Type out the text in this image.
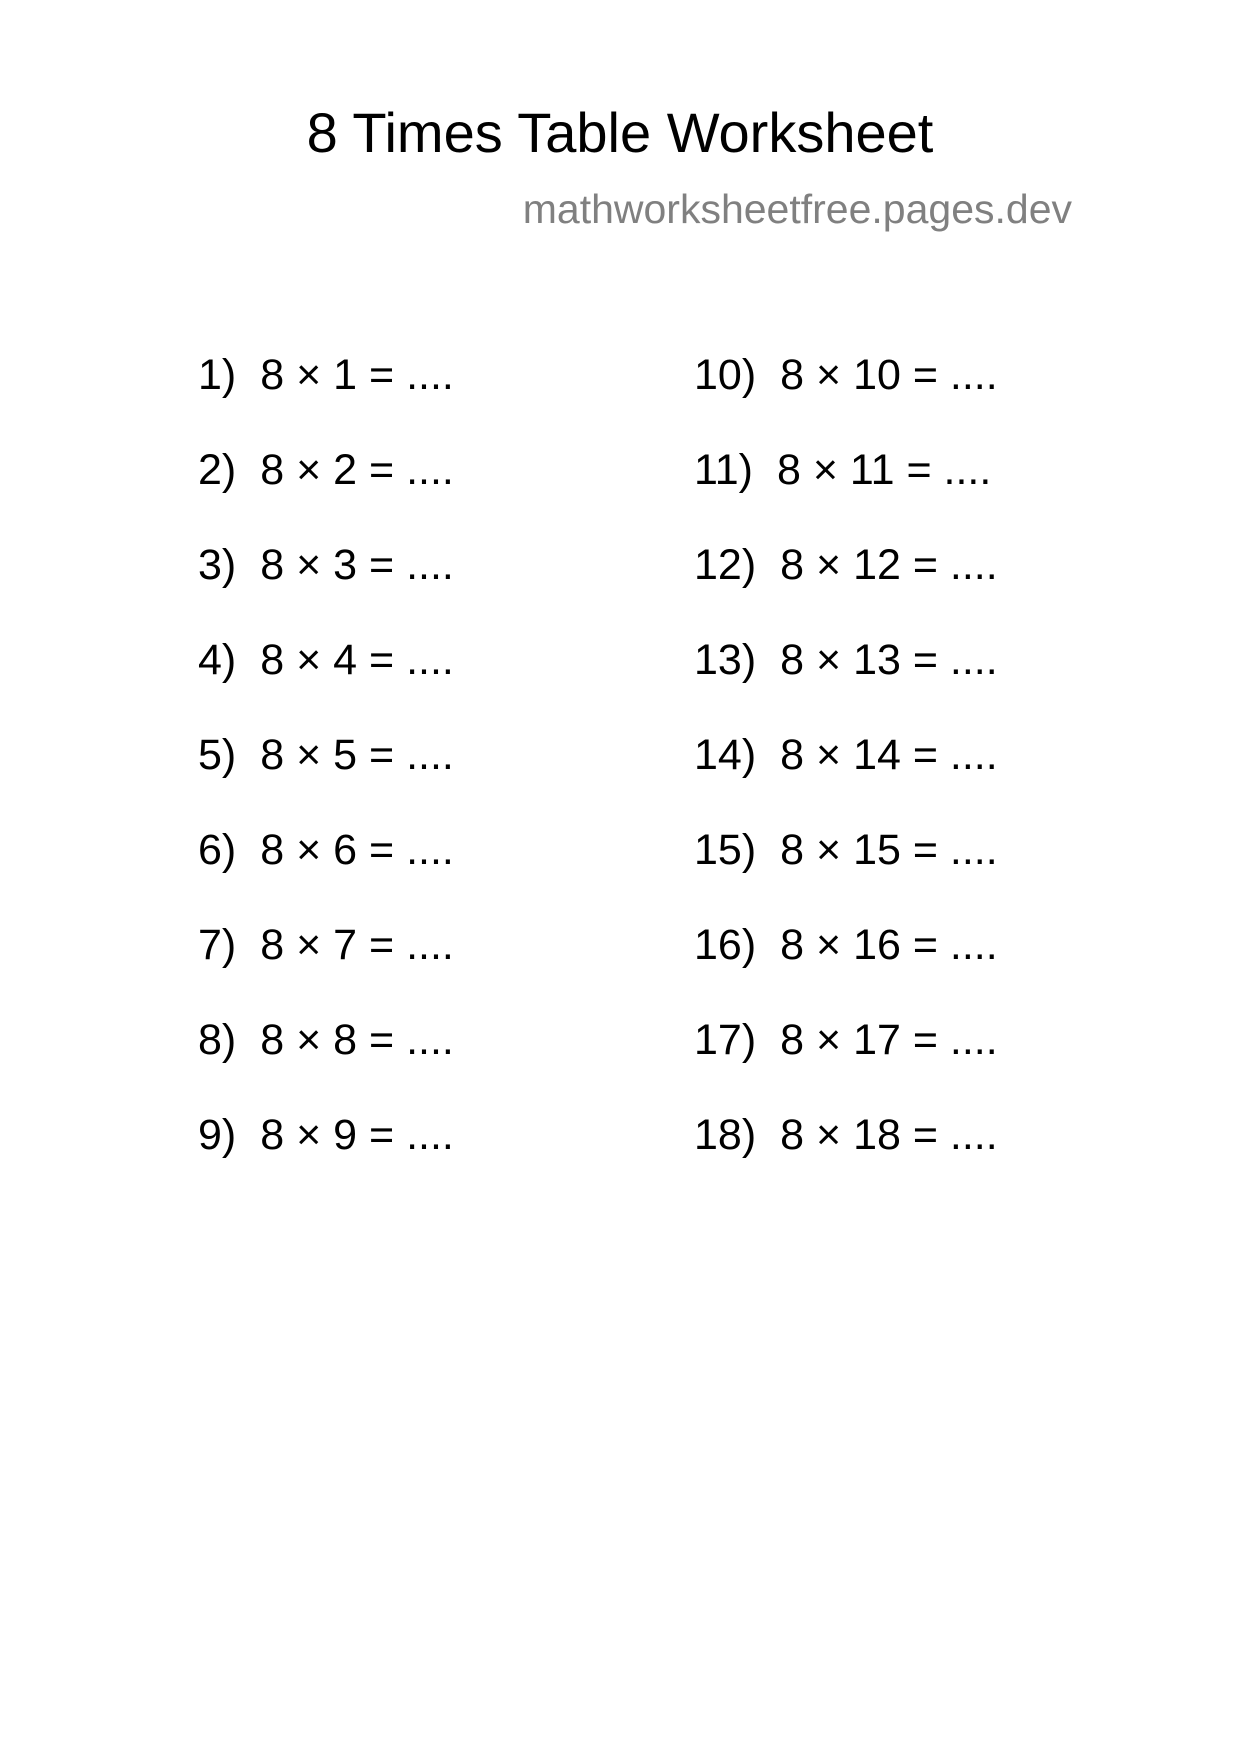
8 Times Table Worksheet
mathworksheetfree.pages.dev
1) 8 × 1 = ....
2) 8 × 2 = ....
3) 8 × 3 = ....
4) 8 × 4 = ....
5) 8 × 5 = ....
6) 8 × 6 = ....
7) 8 × 7 = ....
8) 8 × 8 = ....
9) 8 × 9 = ....
10) 8 × 10 = ....
11) 8 × 11 = ....
12) 8 × 12 = ....
13) 8 × 13 = ....
14) 8 × 14 = ....
15) 8 × 15 = ....
16) 8 × 16 = ....
17) 8 × 17 = ....
18) 8 × 18 = ....
